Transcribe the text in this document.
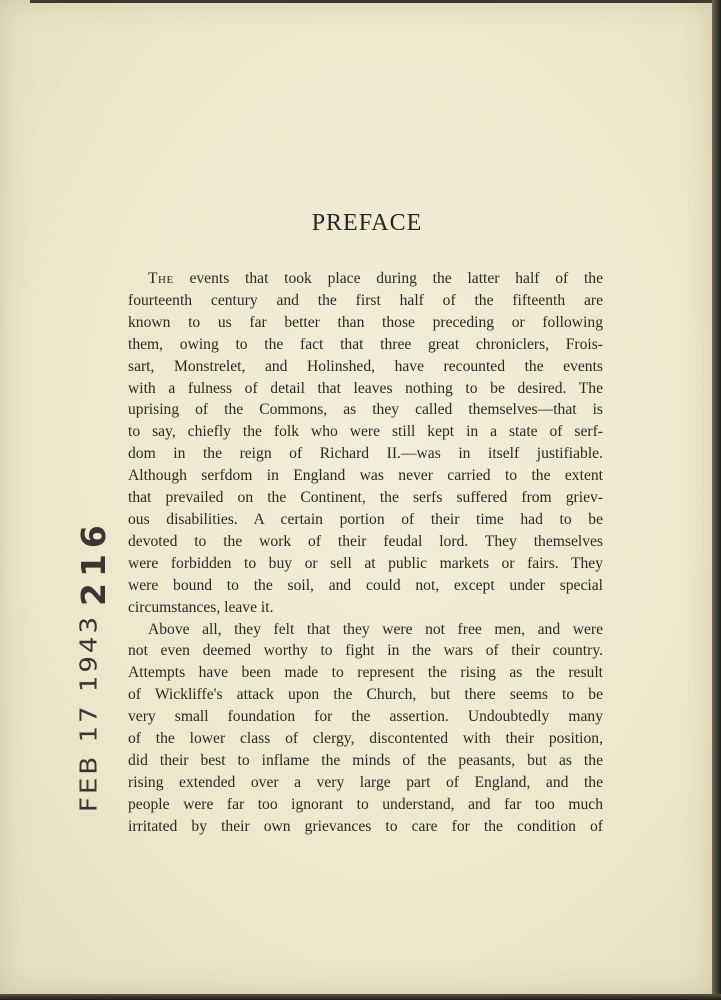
PREFACE
The events that took place during the latter half of the
fourteenth century and the first half of the fifteenth are
known to us far better than those preceding or following
them, owing to the fact that three great chroniclers, Frois-
sart, Monstrelet, and Holinshed, have recounted the events
with a fulness of detail that leaves nothing to be desired. The
uprising of the Commons, as they called themselves—that is
to say, chiefly the folk who were still kept in a state of serf-
dom in the reign of Richard II.—was in itself justifiable.
Although serfdom in England was never carried to the extent
that prevailed on the Continent, the serfs suffered from griev-
ous disabilities. A certain portion of their time had to be
devoted to the work of their feudal lord. They themselves
were forbidden to buy or sell at public markets or fairs. They
were bound to the soil, and could not, except under special
circumstances, leave it.
Above all, they felt that they were not free men, and were
not even deemed worthy to fight in the wars of their country.
Attempts have been made to represent the rising as the result
of Wickliffe's attack upon the Church, but there seems to be
very small foundation for the assertion. Undoubtedly many
of the lower class of clergy, discontented with their position,
did their best to inflame the minds of the peasants, but as the
rising extended over a very large part of England, and the
people were far too ignorant to understand, and far too much
irritated by their own grievances to care for the condition of
216
FEB 17 1943
